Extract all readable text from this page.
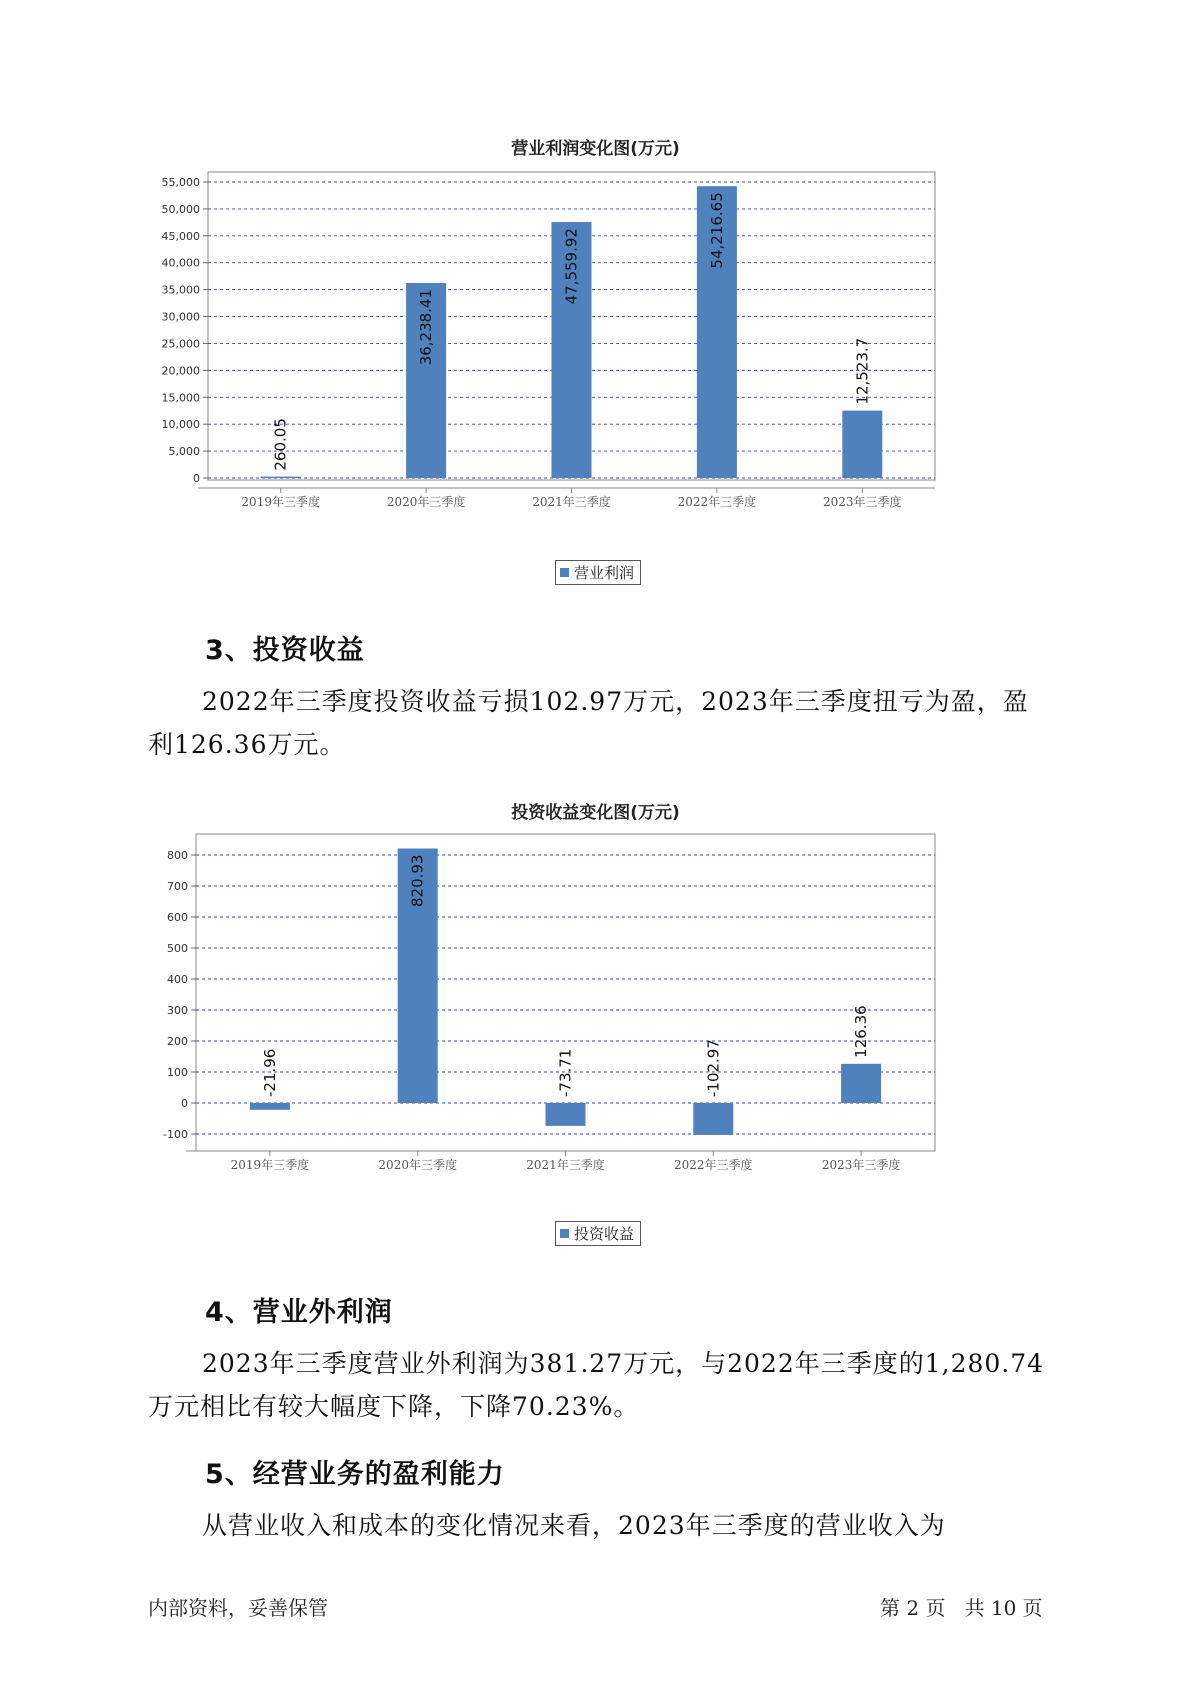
营业利润变化图(万元)
0
5,000
10,000
15,000
20,000
25,000
30,000
35,000
40,000
45,000
50,000
55,000
2019年三季度
260.05
2020年三季度
36,238.41
2021年三季度
47,559.92
2022年三季度
54,216.65
2023年三季度
12,523.7
营业利润
3、投资收益
2022年三季度投资收益亏损102.97万元，2023年三季度扭亏为盈，盈
利126.36万元。
投资收益变化图(万元)
-100
0
100
200
300
400
500
600
700
800
2019年三季度
-21.96
2020年三季度
820.93
2021年三季度
-73.71
2022年三季度
-102.97
2023年三季度
126.36
投资收益
4、营业外利润
2023年三季度营业外利润为381.27万元，与2022年三季度的1,280.74
万元相比有较大幅度下降，下降70.23%。
5、经营业务的盈利能力
从营业收入和成本的变化情况来看，2023年三季度的营业收入为
内部资料，妥善保管	第 2 页   共 10 页
